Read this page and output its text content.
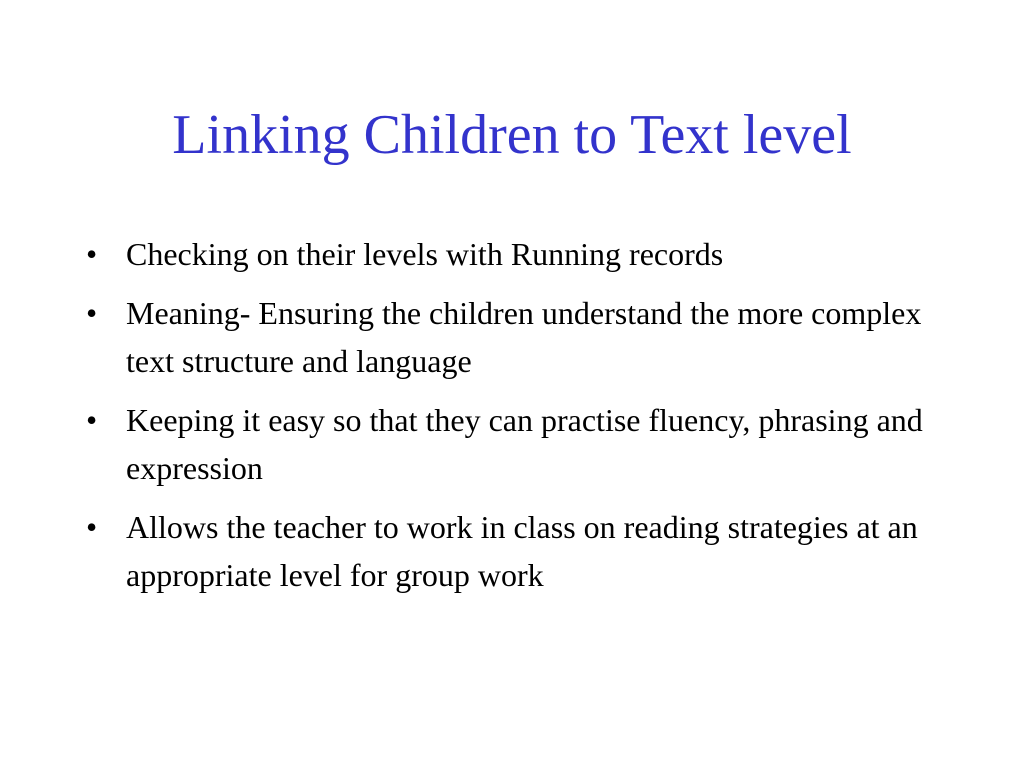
Linking Children to Text level
• Checking on their levels with Running records
• Meaning- Ensuring the children understand the more complex text structure and language
• Keeping it easy so that they can practise fluency, phrasing and expression
• Allows the teacher to work in class on reading strategies at an appropriate level for group work
